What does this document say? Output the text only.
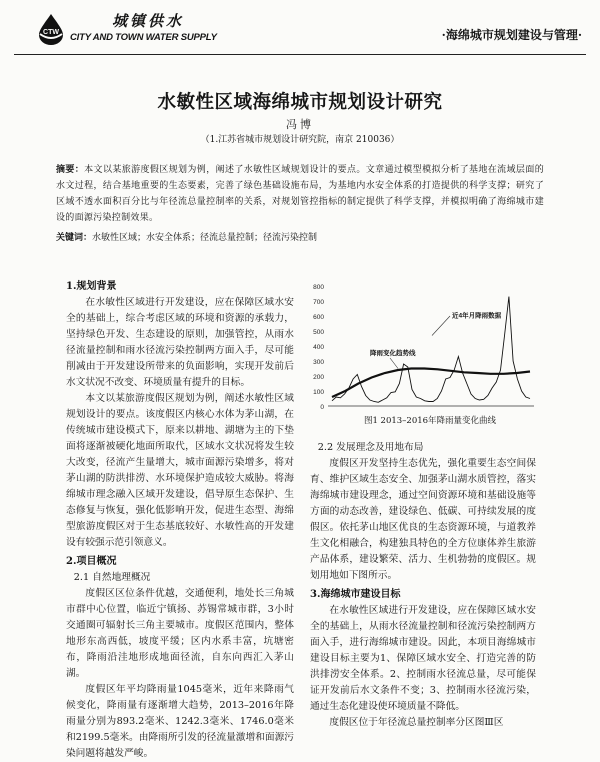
CTW
城镇供水
CITY AND TOWN WATER SUPPLY	·海绵城市规划建设与管理·
水敏性区域海绵城市规划设计研究
冯博
（1.江苏省城市规划设计研究院，南京 210036）
摘要：本文以某旅游度假区规划为例，阐述了水敏性区域规划设计的要点。文章通过模型模拟分析了基地在流域层面的水文过程，结合基地重要的生态要素，完善了绿色基础设施布局，为基地内水安全体系的打造提供的科学支撑；研究了区域不透水面积百分比与年径流总量控制率的关系，对规划管控指标的制定提供了科学支撑，并模拟明确了海绵城市建设的面源污染控制效果。
关键词：水敏性区域；水安全体系；径流总量控制；径流污染控制
1.规划背景

在水敏性区域进行开发建设，应在保障区域水安全的基础上，综合考虑区域的环境和资源的承载力，坚持绿色开发、生态建设的原则，加强管控，从雨水径流量控制和雨水径流污染控制两方面入手，尽可能削减由于开发建设所带来的负面影响，实现开发前后水文状况不改变、环境质量有提升的目标。

本文以某旅游度假区规划为例，阐述水敏性区域规划设计的要点。该度假区内核心水体为茅山湖，在传统城市建设模式下，原来以耕地、湖塘为主的下垫面将逐渐被硬化地面所取代，区域水文状况将发生较大改变，径流产生量增大，城市面源污染增多，将对茅山湖的防洪排涝、水环境保护造成较大威胁。将海绵城市理念融入区域开发建设，倡导原生态保护、生态修复与恢复，强化低影响开发，促进生态型、海绵型旅游度假区对于生态基底较好、水敏性高的开发建设有较强示范引领意义。

2.项目概况
2.1 自然地理概况

度假区区位条件优越，交通便利，地处长三角城市群中心位置，临近宁镇扬、苏锡常城市群，3小时交通圈可辐射长三角主要城市。度假区范围内，整体地形东高西低，坡度平缓；区内水系丰富，坑塘密布，降雨沿洼地形成地面径流，自东向西汇入茅山湖。

度假区年平均降雨量1045毫米，近年来降雨气候变化，降雨量有逐渐增大趋势，2013–2016年降雨量分别为893.2毫米、1242.3毫米、1746.0毫米和2199.5毫米。由降雨所引发的径流量激增和面源污染问题将越发严峻。

0
100
200
300
400
500
600
700
800
近4年月降雨数据
降雨变化趋势线
图1 2013–2016年降雨量变化曲线
2.2 发展理念及用地布局

度假区开发坚持生态优先，强化重要生态空间保育、维护区域生态安全、加强茅山湖水质管控，落实海绵城市建设理念，通过空间资源环境和基础设施等方面的动态改善，建设绿色、低碳、可持续发展的度假区。依托茅山地区优良的生态资源环境，与道教养生文化相融合，构建独具特色的全方位康体养生旅游产品体系，建设繁荣、活力、生机勃勃的度假区。规划用地如下图所示。

3.海绵城市建设目标

在水敏性区域进行开发建设，应在保障区域水安全的基础上，从雨水径流量控制和径流污染控制两方面入手，进行海绵城市建设。因此，本项目海绵城市建设目标主要为1、保障区域水安全、打造完善的防洪排涝安全体系。2、控制雨水径流总量，尽可能保证开发前后水文条件不变；3、控制雨水径流污染，通过生态化建设使环境质量不降低。

度假区位于年径流总量控制率分区图Ⅲ区
